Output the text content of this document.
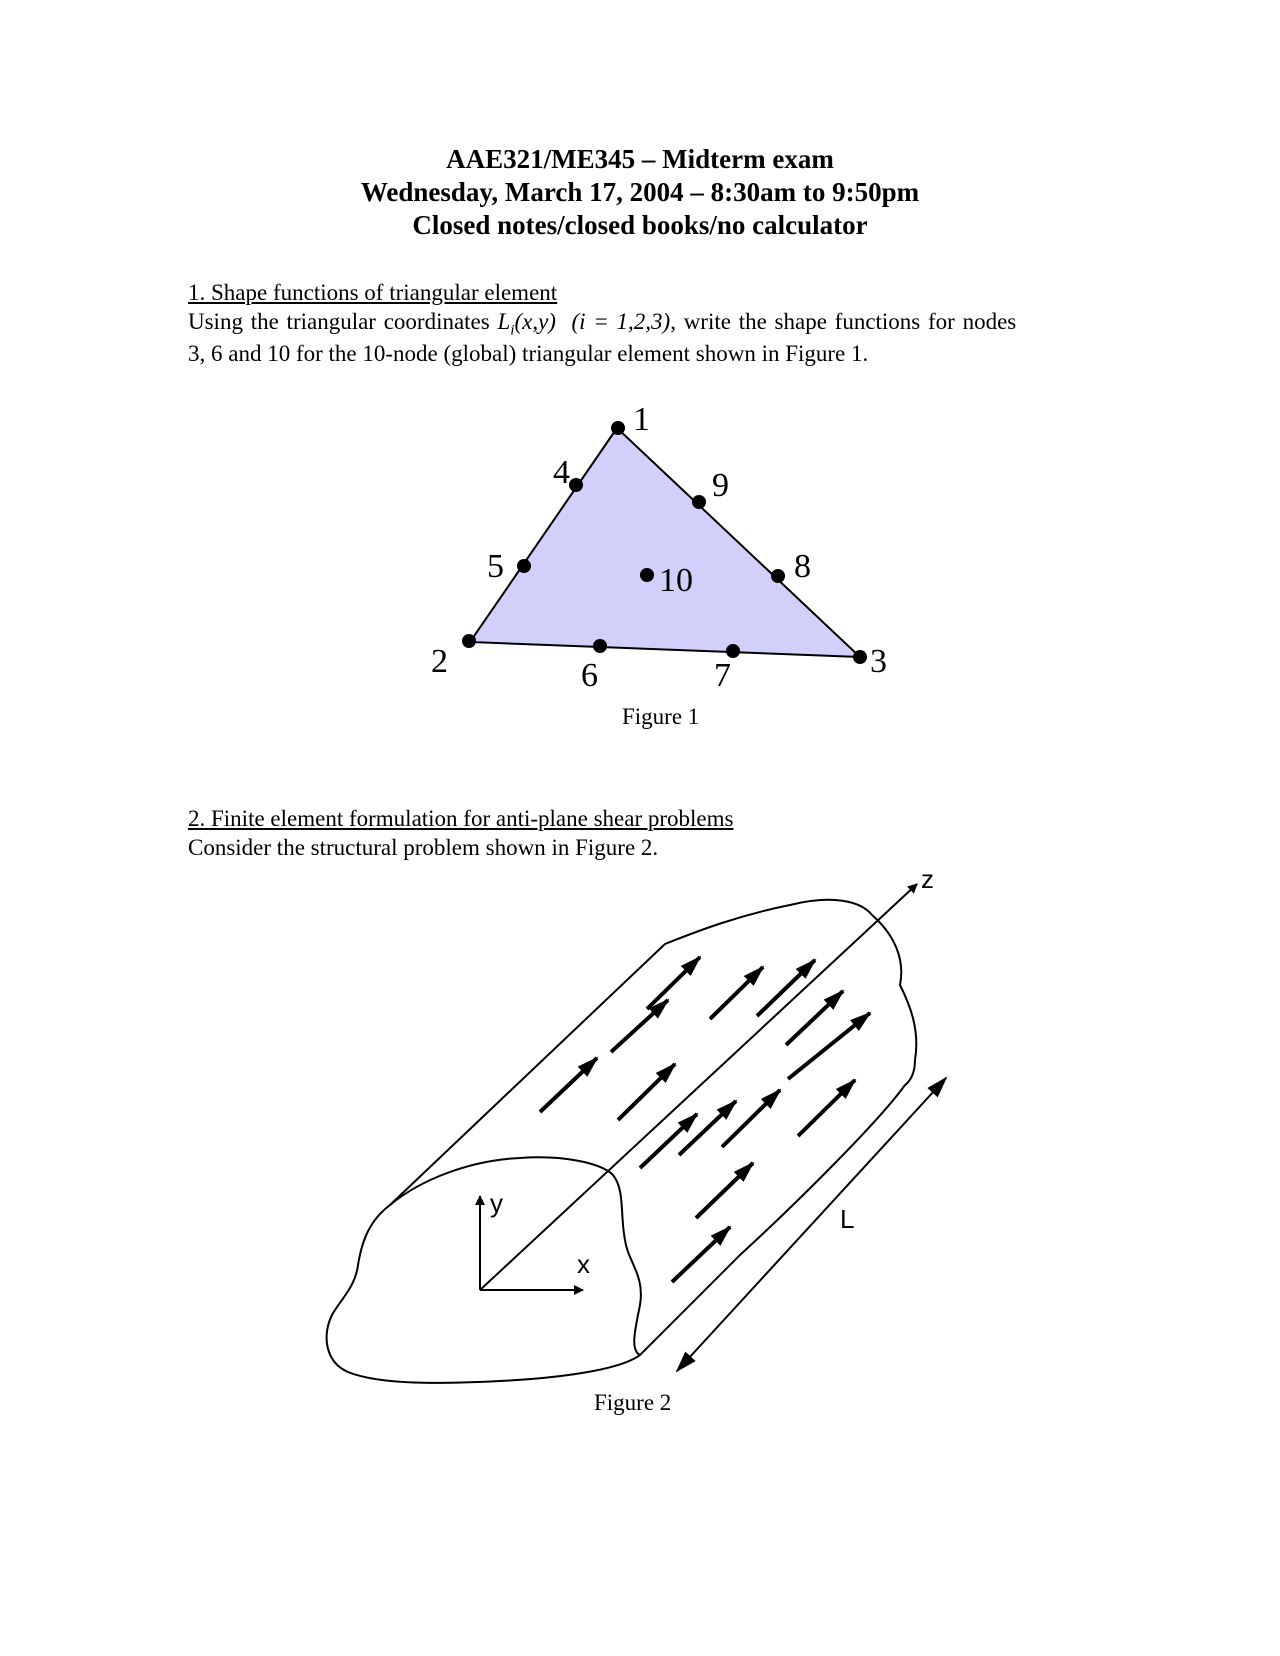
AAE321/ME345 – Midterm exam
Wednesday, March 17, 2004 – 8:30am to 9:50pm
Closed notes/closed books/no calculator
1. Shape functions of triangular element
Using the triangular coordinates $L_i(x,y) (i = 1,2,3)$, write the shape functions for nodes
3, 6 and 10 for the 10-node (global) triangular element shown in Figure 1.
1
2	3
4
5
6	7
8
9
10
Figure 1
2. Finite element formulation for anti-plane shear problems
Consider the structural problem shown in Figure 2.
y
x
z
L
Figure 2
